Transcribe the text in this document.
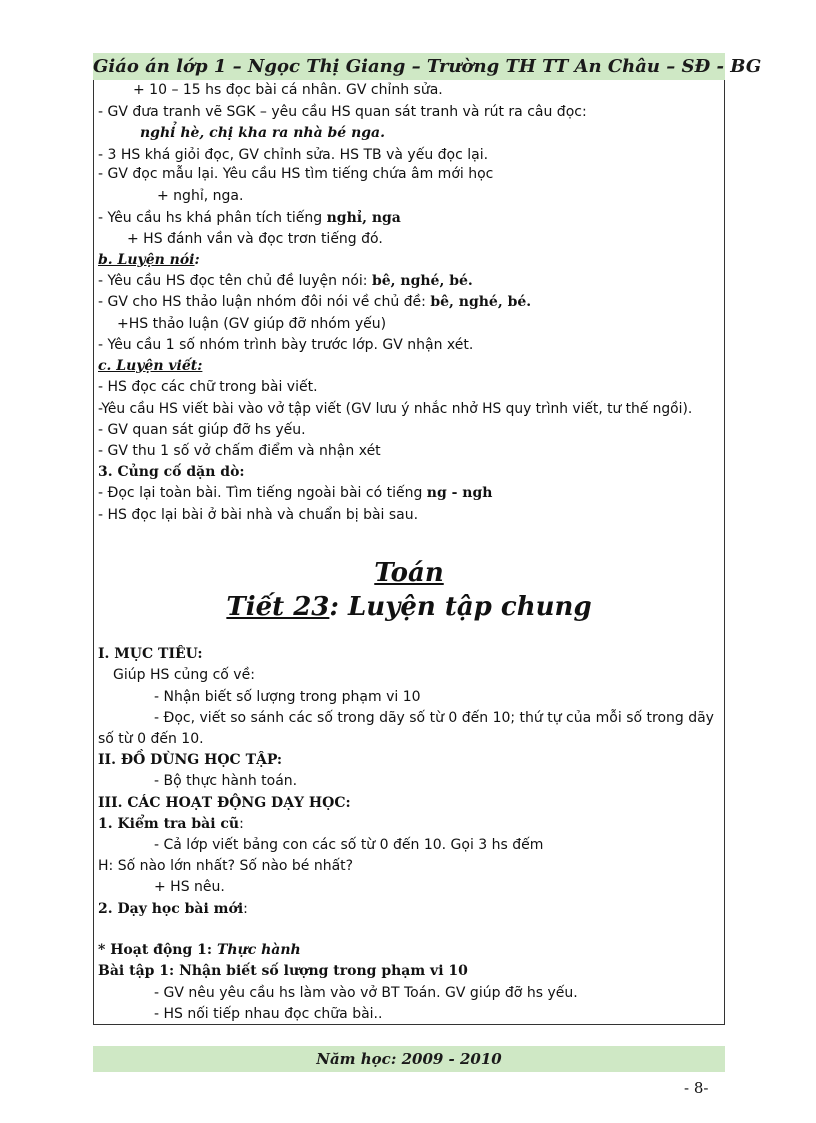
Giáo án lớp 1 – Ngọc Thị Giang – Trường TH TT An Châu – SĐ - BG
+ 10 – 15 hs đọc bài cá nhân. GV chỉnh sửa.
- GV đưa tranh vẽ SGK – yêu cầu HS quan sát tranh và rút ra câu đọc:
nghỉ hè, chị kha ra nhà bé nga.
- 3 HS khá giỏi đọc, GV chỉnh sửa. HS TB và yếu đọc lại.
- GV đọc mẫu lại. Yêu cầu HS tìm tiếng chứa âm mới học
+ nghỉ, nga.
- Yêu cầu hs khá phân tích tiếng nghỉ, nga
+ HS đánh vần và đọc trơn tiếng đó.
b. Luyện nói:
- Yêu cầu HS đọc tên chủ đề luyện nói: bê, nghé, bé.
- GV cho HS thảo luận nhóm đôi nói về chủ đề: bê, nghé, bé.
+HS thảo luận (GV giúp đỡ nhóm yếu)
- Yêu cầu 1 số nhóm trình bày trước lớp. GV nhận xét.
c. Luyện viết:
- HS đọc các chữ trong bài viết.
-Yêu cầu HS viết bài vào vở tập viết (GV lưu ý nhắc nhở HS quy trình viết, tư thế ngồi).
- GV quan sát giúp đỡ hs yếu.
- GV thu 1 số vở chấm điểm và nhận xét
3. Củng cố dặn dò:
- Đọc lại toàn bài. Tìm tiếng ngoài bài có tiếng ng - ngh
- HS đọc lại bài ở bài nhà và chuẩn bị bài sau.
Toán
Tiết 23: Luyện tập chung
I. MỤC TIÊU:
Giúp HS củng cố về:
- Nhận biết số lượng trong phạm vi 10
- Đọc, viết so sánh các số trong dãy số từ 0 đến 10; thứ tự của mỗi số trong dãy
số từ 0 đến 10.
II. ĐỒ DÙNG HỌC TẬP:
- Bộ thực hành toán.
III. CÁC HOẠT ĐỘNG DẠY HỌC:
1. Kiểm tra bài cũ:
- Cả lớp viết bảng con các số từ 0 đến 10. Gọi 3 hs đếm
H: Số nào lớn nhất? Số nào bé nhất?
+ HS nêu.
2. Dạy học bài mới:
* Hoạt động 1: Thực hành
Bài tập 1: Nhận biết số lượng trong phạm vi 10
- GV nêu yêu cầu hs làm vào vở BT Toán. GV giúp đỡ hs yếu.
- HS nối tiếp nhau đọc chữa bài..
Năm học: 2009 - 2010
- 8-
